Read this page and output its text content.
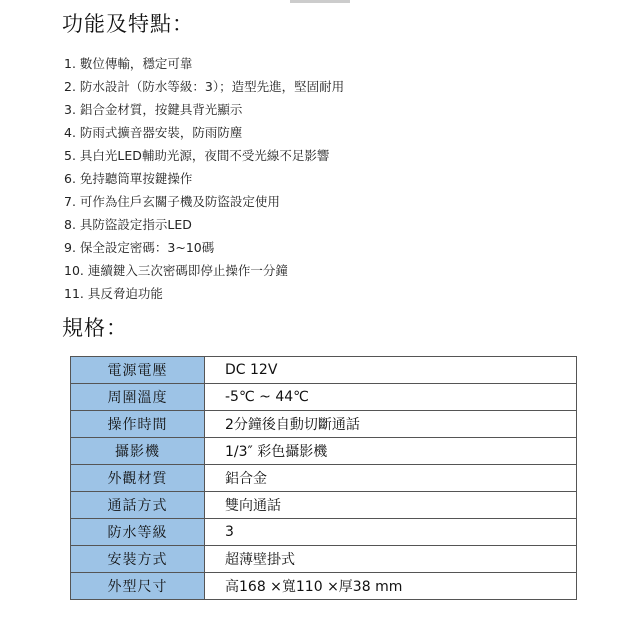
功能及特點：
1. 數位傳輸，穩定可靠
2. 防水設計（防水等級：3）；造型先進，堅固耐用
3. 鋁合金材質，按鍵具背光顯示
4. 防雨式擴音器安裝，防雨防塵
5. 具白光LED輔助光源，夜間不受光線不足影響
6. 免持聽筒單按鍵操作
7. 可作為住戶玄關子機及防盜設定使用
8. 具防盜設定指示LED
9. 保全設定密碼：3~10碼
10. 連續鍵入三次密碼即停止操作一分鐘
11. 具反脅迫功能
規格：
電源電壓	DC 12V
周圍溫度	-5℃ ~ 44℃
操作時間	2分鐘後自動切斷通話
攝影機	1/3″ 彩色攝影機
外觀材質	鋁合金
通話方式	雙向通話
防水等級	3
安裝方式	超薄壁掛式
外型尺寸	高168 ×寬110 ×厚38 mm
